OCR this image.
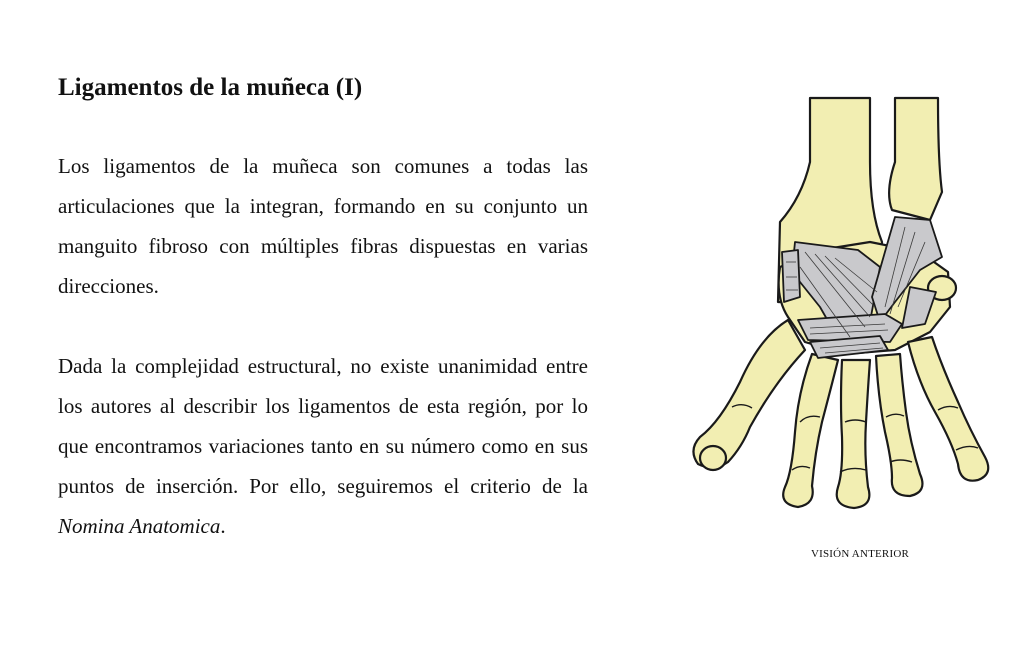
Ligamentos de la muñeca (I)

Los ligamentos de la muñeca son comunes a todas las articulaciones que la integran, formando en su conjunto un manguito fibroso con múltiples fibras dispuestas en varias direcciones.

Dada la complejidad estructural, no existe unanimidad entre los autores al describir los ligamentos de esta región, por lo que encontramos variaciones tanto en su número como en sus puntos de inserción. Por ello, seguiremos el criterio de la Nomina Anatomica.

VISIÓN ANTERIOR
